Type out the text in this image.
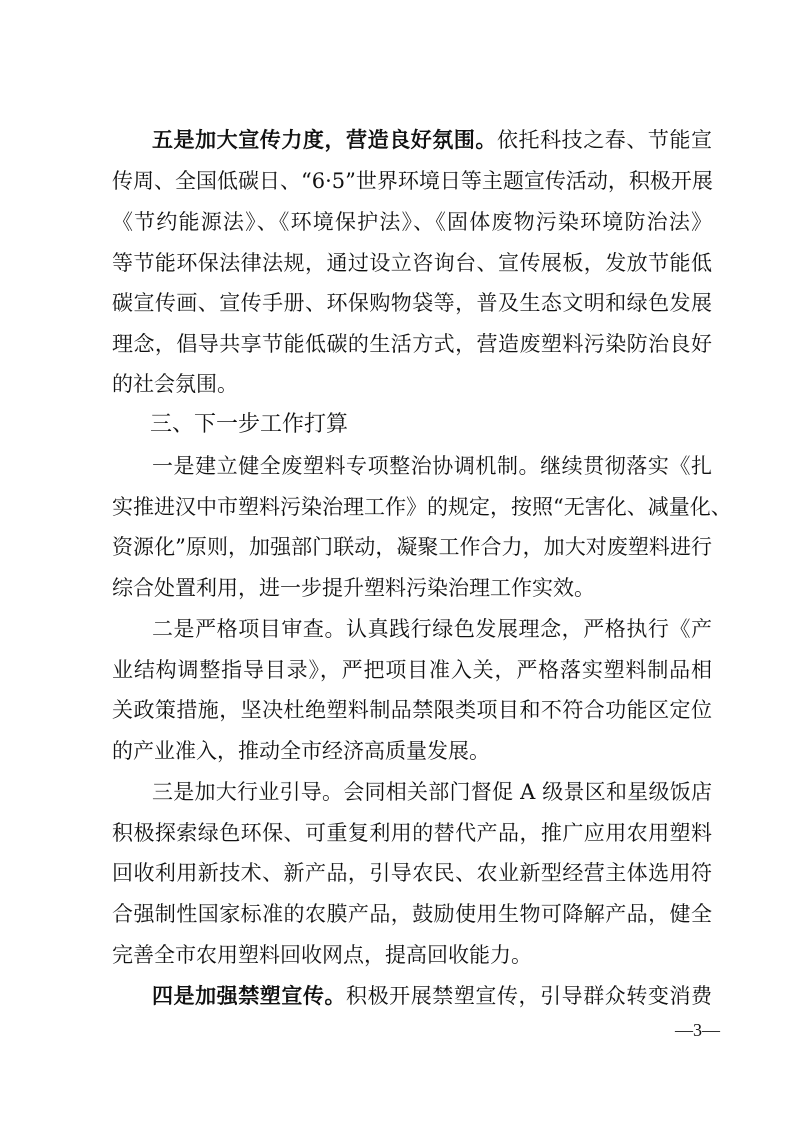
五是加大宣传力度，营造良好氛围。依托科技之春、节能宣
传周、全国低碳日、“6·5”世界环境日等主题宣传活动，积极开展
《节约能源法》、《环境保护法》、《固体废物污染环境防治法》
等节能环保法律法规，通过设立咨询台、宣传展板，发放节能低
碳宣传画、宣传手册、环保购物袋等，普及生态文明和绿色发展
理念，倡导共享节能低碳的生活方式，营造废塑料污染防治良好
的社会氛围。
三、下一步工作打算
一是建立健全废塑料专项整治协调机制。继续贯彻落实《扎
实推进汉中市塑料污染治理工作》的规定，按照“无害化、减量化、
资源化”原则，加强部门联动，凝聚工作合力，加大对废塑料进行
综合处置利用，进一步提升塑料污染治理工作实效。
二是严格项目审查。认真践行绿色发展理念，严格执行《产
业结构调整指导目录》，严把项目准入关，严格落实塑料制品相
关政策措施，坚决杜绝塑料制品禁限类项目和不符合功能区定位
的产业准入，推动全市经济高质量发展。
三是加大行业引导。会同相关部门督促 A 级景区和星级饭店
积极探索绿色环保、可重复利用的替代产品，推广应用农用塑料
回收利用新技术、新产品，引导农民、农业新型经营主体选用符
合强制性国家标准的农膜产品，鼓励使用生物可降解产品，健全
完善全市农用塑料回收网点，提高回收能力。
四是加强禁塑宣传。积极开展禁塑宣传，引导群众转变消费
—3—
